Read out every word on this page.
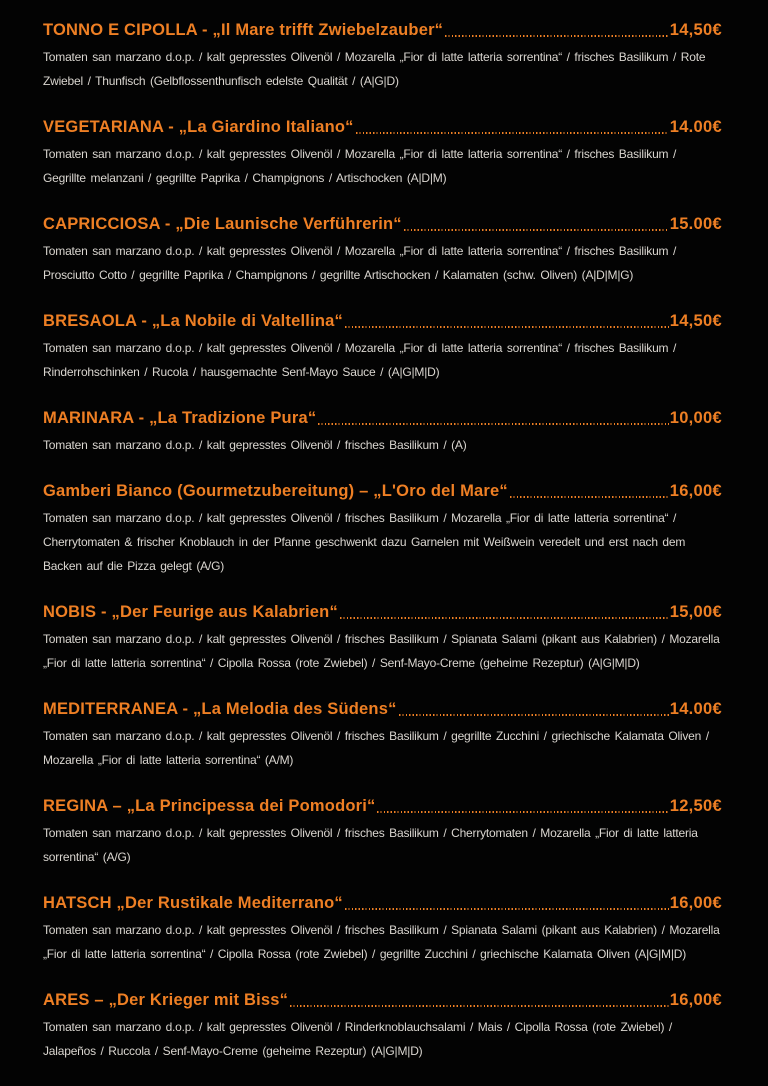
TONNO E CIPOLLA - „Il Mare trifft Zwiebelzauber“	14,50€

Tomaten san marzano d.o.p. / kalt gepresstes Olivenöl / Mozarella „Fior di latte latteria sorrentina“ / frisches Basilikum / Rote Zwiebel / Thunfisch (Gelbflossenthunfisch edelste Qualität / (A|G|D)

VEGETARIANA - „La Giardino Italiano“	14.00€

Tomaten san marzano d.o.p. / kalt gepresstes Olivenöl / Mozarella „Fior di latte latteria sorrentina“ / frisches Basilikum / Gegrillte melanzani / gegrillte Paprika / Champignons / Artischocken (A|D|M)

CAPRICCIOSA - „Die Launische Verführerin“	15.00€

Tomaten san marzano d.o.p. / kalt gepresstes Olivenöl / Mozarella „Fior di latte latteria sorrentina“ / frisches Basilikum / Prosciutto Cotto / gegrillte Paprika / Champignons / gegrillte Artischocken / Kalamaten (schw. Oliven) (A|D|M|G)

BRESAOLA - „La Nobile di Valtellina“	14,50€

Tomaten san marzano d.o.p. / kalt gepresstes Olivenöl / Mozarella „Fior di latte latteria sorrentina“ / frisches Basilikum / Rinderrohschinken / Rucola / hausgemachte Senf-Mayo Sauce / (A|G|M|D)

MARINARA - „La Tradizione Pura“	10,00€

Tomaten san marzano d.o.p. / kalt gepresstes Olivenöl / frisches Basilikum / (A)

Gamberi Bianco (Gourmetzubereitung) – „L'Oro del Mare“	16,00€

Tomaten san marzano d.o.p. / kalt gepresstes Olivenöl / frisches Basilikum / Mozarella „Fior di latte latteria sorrentina“ / Cherrytomaten & frischer Knoblauch in der Pfanne geschwenkt dazu Garnelen mit Weißwein veredelt und erst nach dem Backen auf die Pizza gelegt (A/G)

NOBIS - „Der Feurige aus Kalabrien“	15,00€

Tomaten san marzano d.o.p. / kalt gepresstes Olivenöl / frisches Basilikum / Spianata Salami (pikant aus Kalabrien) / Mozarella „Fior di latte latteria sorrentina“ / Cipolla Rossa (rote Zwiebel) / Senf-Mayo-Creme (geheime Rezeptur) (A|G|M|D)

MEDITERRANEA - „La Melodia des Südens“	14.00€

Tomaten san marzano d.o.p. / kalt gepresstes Olivenöl / frisches Basilikum / gegrillte Zucchini / griechische Kalamata Oliven / Mozarella „Fior di latte latteria sorrentina“ (A/M)

REGINA – „La Principessa dei Pomodori“	12,50€

Tomaten san marzano d.o.p. / kalt gepresstes Olivenöl / frisches Basilikum / Cherrytomaten / Mozarella „Fior di latte latteria sorrentina“ (A/G)

HATSCH „Der Rustikale Mediterrano“	16,00€

Tomaten san marzano d.o.p. / kalt gepresstes Olivenöl / frisches Basilikum / Spianata Salami (pikant aus Kalabrien) / Mozarella „Fior di latte latteria sorrentina“ / Cipolla Rossa (rote Zwiebel) / gegrillte Zucchini / griechische Kalamata Oliven (A|G|M|D)

ARES – „Der Krieger mit Biss“	16,00€

Tomaten san marzano d.o.p. / kalt gepresstes Olivenöl / Rinderknoblauchsalami / Mais / Cipolla Rossa (rote Zwiebel) / Jalapeños / Ruccola / Senf-Mayo-Creme (geheime Rezeptur) (A|G|M|D)
